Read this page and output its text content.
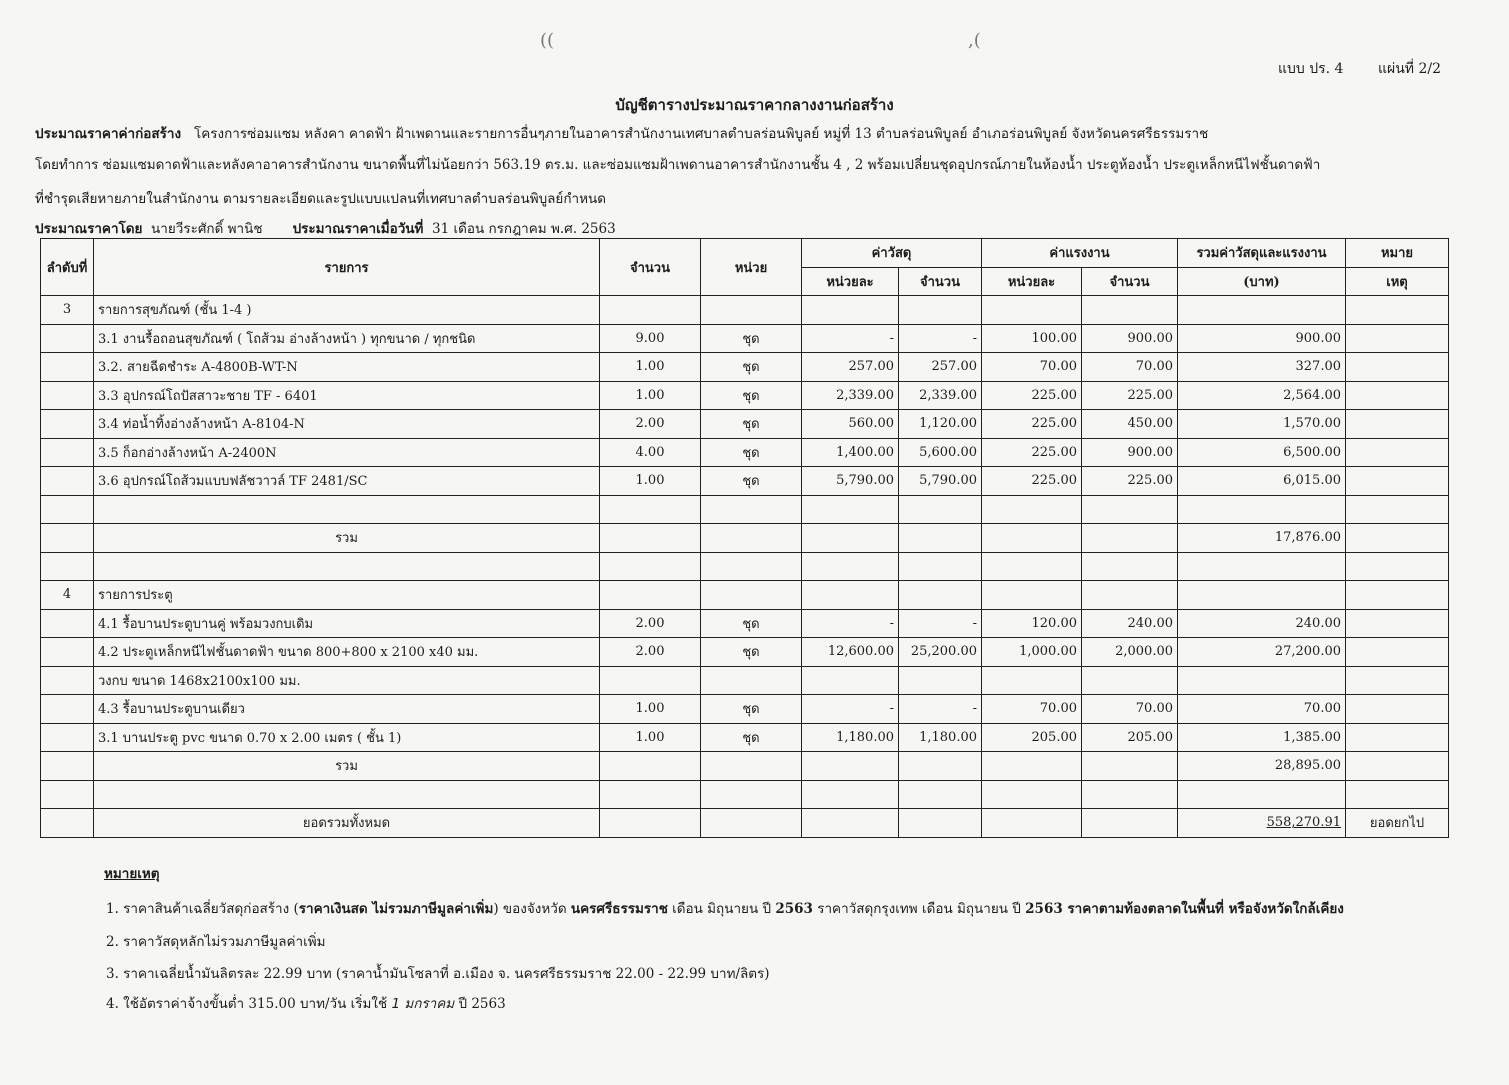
((	,(
แบบ ปร. 4 แผ่นที่ 2/2
บัญชีตารางประมาณราคากลางงานก่อสร้าง
ประมาณราคาค่าก่อสร้าง โครงการซ่อมแซม หลังคา คาดฟ้า ฝ้าเพดานและรายการอื่นๆภายในอาคารสำนักงานเทศบาลตำบลร่อนพิบูลย์ หมู่ที่ 13 ตำบลร่อนพิบูลย์ อำเภอร่อนพิบูลย์ จังหวัดนครศรีธรรมราช
โดยทำการ ซ่อมแซมดาดฟ้าและหลังคาอาคารสำนักงาน ขนาดพื้นที่ไม่น้อยกว่า 563.19 ตร.ม. และซ่อมแซมฝ้าเพดานอาคารสำนักงานชั้น 4 , 2 พร้อมเปลี่ยนชุดอุปกรณ์ภายในห้องน้ำ ประตูห้องน้ำ ประตูเหล็กหนีไฟชั้นดาดฟ้า
ที่ชำรุดเสียหายภายในสำนักงาน ตามรายละเอียดและรูปแบบแปลนที่เทศบาลตำบลร่อนพิบูลย์กำหนด
ประมาณราคาโดย นายวีระศักดิ์ พานิช ประมาณราคาเมื่อวันที่ 31 เดือน กรกฎาคม พ.ศ. 2563
ลำดับที่	รายการ	จำนวน	หน่วย	ค่าวัสดุ		ค่าแรงงาน		รวมค่าวัสดุและแรงงาน	หมาย
				หน่วยละ	จำนวน	หน่วยละ	จำนวน	(บาท)	เหตุ
3	รายการสุขภัณฑ์ (ชั้น 1-4 )								
	3.1 งานรื้อถอนสุขภัณฑ์ ( โถส้วม อ่างล้างหน้า ) ทุกขนาด / ทุกชนิด	9.00	ชุด	-	-	100.00	900.00	900.00	
	3.2. สายฉีดชำระ A-4800B-WT-N	1.00	ชุด	257.00	257.00	70.00	70.00	327.00	
	3.3 อุปกรณ์โถปัสสาวะชาย TF - 6401	1.00	ชุด	2,339.00	2,339.00	225.00	225.00	2,564.00	
	3.4 ท่อน้ำทิ้งอ่างล้างหน้า A-8104-N	2.00	ชุด	560.00	1,120.00	225.00	450.00	1,570.00	
	3.5 ก็อกอ่างล้างหน้า A-2400N	4.00	ชุด	1,400.00	5,600.00	225.00	900.00	6,500.00	
	3.6 อุปกรณ์โถส้วมแบบฟลัชวาวล์ TF 2481/SC	1.00	ชุด	5,790.00	5,790.00	225.00	225.00	6,015.00	

	รวม							17,876.00	

4	รายการประตู								
	4.1 รื้อบานประตูบานคู่ พร้อมวงกบเดิม	2.00	ชุด	-	-	120.00	240.00	240.00	
	4.2 ประตูเหล็กหนีไฟชั้นดาดฟ้า ขนาด 800+800 x 2100 x40 มม.	2.00	ชุด	12,600.00	25,200.00	1,000.00	2,000.00	27,200.00	
	วงกบ ขนาด 1468x2100x100 มม.								
	4.3 รื้อบานประตูบานเดียว	1.00	ชุด	-	-	70.00	70.00	70.00	
	3.1 บานประตู pvc ขนาด 0.70 x 2.00 เมตร ( ชั้น 1)	1.00	ชุด	1,180.00	1,180.00	205.00	205.00	1,385.00	
	รวม							28,895.00	

	ยอดรวมทั้งหมด							558,270.91	ยอดยกไป
หมายเหตุ
1. ราคาสินค้าเฉลี่ยวัสดุก่อสร้าง (ราคาเงินสด ไม่รวมภาษีมูลค่าเพิ่ม) ของจังหวัด นครศรีธรรมราช เดือน มิถุนายน ปี 2563 ราคาวัสดุกรุงเทพ เดือน มิถุนายน ปี 2563 ราคาตามท้องตลาดในพื้นที่ หรือจังหวัดใกล้เคียง
2. ราคาวัสดุหลักไม่รวมภาษีมูลค่าเพิ่ม
3. ราคาเฉลี่ยน้ำมันลิตรละ 22.99 บาท (ราคาน้ำมันโซลาที่ อ.เมือง จ. นครศรีธรรมราช 22.00 - 22.99 บาท/ลิตร)
4. ใช้อัตราค่าจ้างขั้นต่ำ 315.00 บาท/วัน เริ่มใช้ 1 มกราคม ปี 2563
